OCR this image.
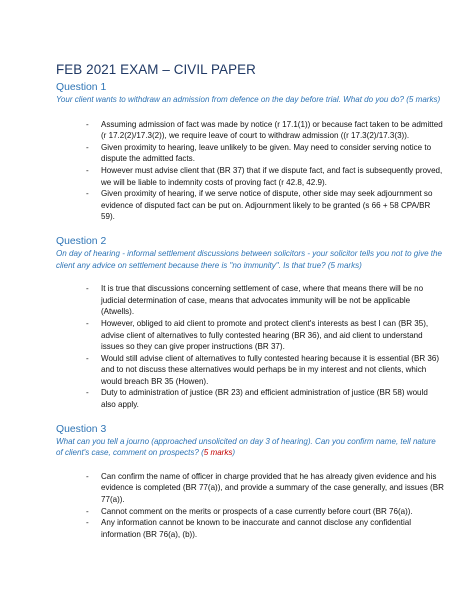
FEB 2021 EXAM – CIVIL PAPER
Question 1

Your client wants to withdraw an admission from defence on the day before trial. What do you do? (5 marks)

- Assuming admission of fact was made by notice (r 17.1(1)) or because fact taken to be admitted (r 17.2(2)/17.3(2)), we require leave of court to withdraw admission ((r 17.3(2)/17.3(3)).
- Given proximity to hearing, leave unlikely to be given. May need to consider serving notice to dispute the admitted facts.
- However must advise client that (BR 37) that if we dispute fact, and fact is subsequently proved, we will be liable to indemnity costs of proving fact (r 42.8, 42.9).
- Given proximity of hearing, if we serve notice of dispute, other side may seek adjournment so evidence of disputed fact can be put on. Adjournment likely to be granted (s 66 + 58 CPA/BR 59).
Question 2

On day of hearing - informal settlement discussions between solicitors - your solicitor tells you not to give the client any advice on settlement because there is "no immunity". Is that true? (5 marks)

- It is true that discussions concerning settlement of case, where that means there will be no judicial determination of case, means that advocates immunity will be not be applicable (Atwells).
- However, obliged to aid client to promote and protect client's interests as best I can (BR 35), advise client of alternatives to fully contested hearing (BR 36), and aid client to understand issues so they can give proper instructions (BR 37).
- Would still advise client of alternatives to fully contested hearing because it is essential (BR 36) and to not discuss these alternatives would perhaps be in my interest and not clients, which would breach BR 35 (Howen).
- Duty to administration of justice (BR 23) and efficient administration of justice (BR 58) would also apply.
Question 3

What can you tell a journo (approached unsolicited on day 3 of hearing). Can you confirm name, tell nature of client's case, comment on prospects? (5 marks)

- Can confirm the name of officer in charge provided that he has already given evidence and his evidence is completed (BR 77(a)), and provide a summary of the case generally, and issues (BR 77(a)).
- Cannot comment on the merits or prospects of a case currently before court (BR 76(a)).
- Any information cannot be known to be inaccurate and cannot disclose any confidential information (BR 76(a), (b)).
